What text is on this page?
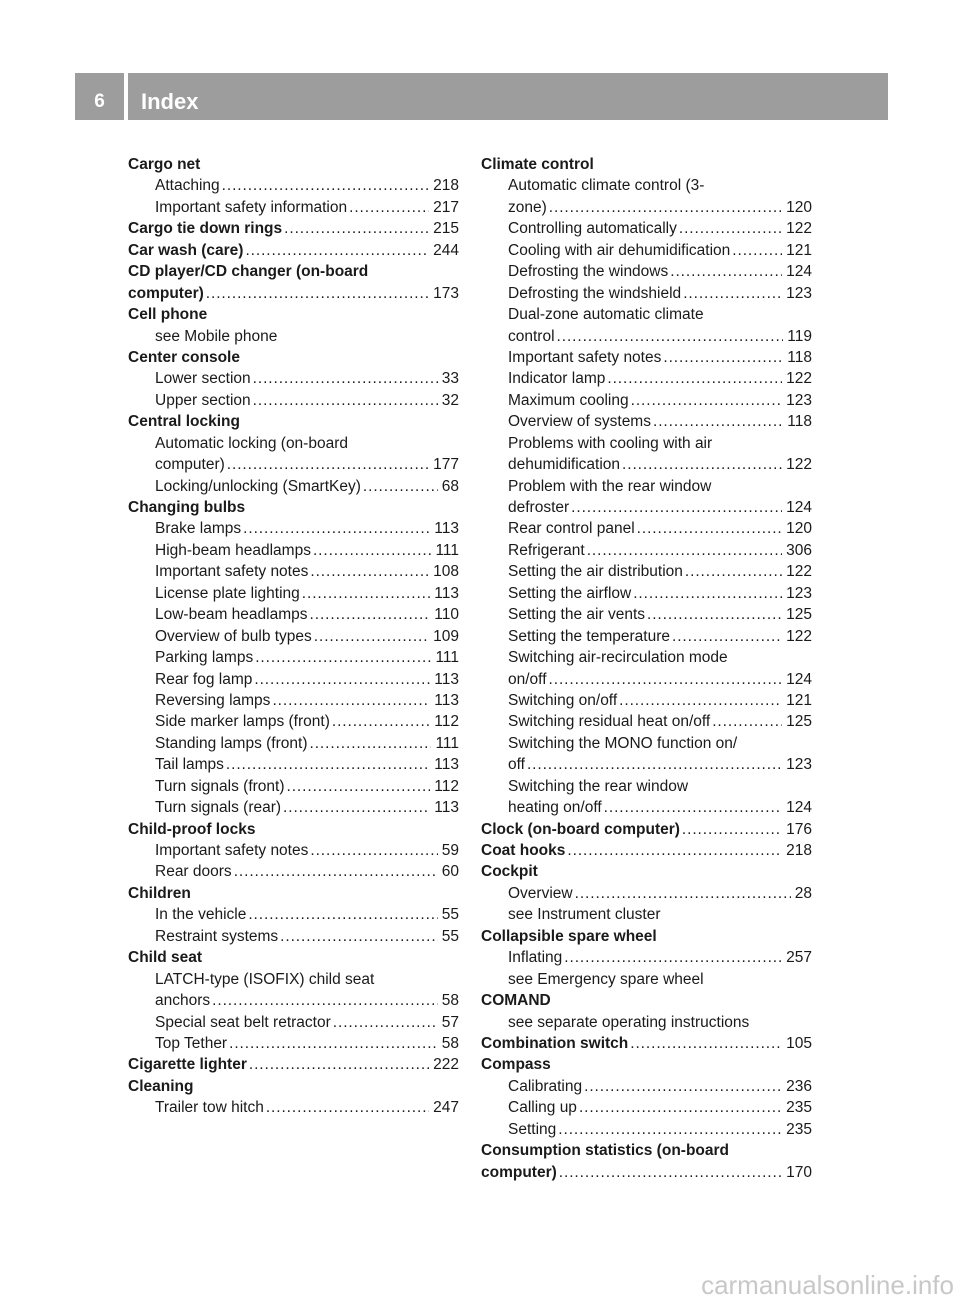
6	Index
Cargo net
Attaching . . .	218
Important safety information . . .	217
Cargo tie down rings . . .	215
Car wash (care) . . .	244
CD player/CD changer (on-board
computer) . . .	173
Cell phone
see Mobile phone
Center console
Lower section . . .	33
Upper section . . .	32
Central locking
Automatic locking (on-board
computer) . . .	177
Locking/unlocking (SmartKey) . . .	68
Changing bulbs
Brake lamps . . .	113
High-beam headlamps . . .	111
Important safety notes . . .	108
License plate lighting . . .	113
Low-beam headlamps . . .	110
Overview of bulb types . . .	109
Parking lamps . . .	111
Rear fog lamp . . .	113
Reversing lamps . . .	113
Side marker lamps (front) . . .	112
Standing lamps (front) . . .	111
Tail lamps . . .	113
Turn signals (front) . . .	112
Turn signals (rear) . . .	113
Child-proof locks
Important safety notes . . .	59
Rear doors . . .	60
Children
In the vehicle . . .	55
Restraint systems . . .	55
Child seat
LATCH-type (ISOFIX) child seat
anchors . . .	58
Special seat belt retractor . . .	57
Top Tether . . .	58
Cigarette lighter . . .	222
Cleaning
Trailer tow hitch . . .	247
Climate control
Automatic climate control (3-
zone) . . .	120
Controlling automatically . . .	122
Cooling with air dehumidification . . .	121
Defrosting the windows . . .	124
Defrosting the windshield . . .	123
Dual-zone automatic climate
control . . .	119
Important safety notes . . .	118
Indicator lamp . . .	122
Maximum cooling . . .	123
Overview of systems . . .	118
Problems with cooling with air
dehumidification . . .	122
Problem with the rear window
defroster . . .	124
Rear control panel . . .	120
Refrigerant . . .	306
Setting the air distribution . . .	122
Setting the airflow . . .	123
Setting the air vents . . .	125
Setting the temperature . . .	122
Switching air-recirculation mode
on/off . . .	124
Switching on/off . . .	121
Switching residual heat on/off . . .	125
Switching the MONO function on/
off . . .	123
Switching the rear window
heating on/off . . .	124
Clock (on-board computer) . . .	176
Coat hooks . . .	218
Cockpit
Overview . . .	28
see Instrument cluster
Collapsible spare wheel
Inflating . . .	257
see Emergency spare wheel
COMAND
see separate operating instructions
Combination switch . . .	105
Compass
Calibrating . . .	236
Calling up . . .	235
Setting . . .	235
Consumption statistics (on-board
computer) . . .	170
carmanualsonline.info
